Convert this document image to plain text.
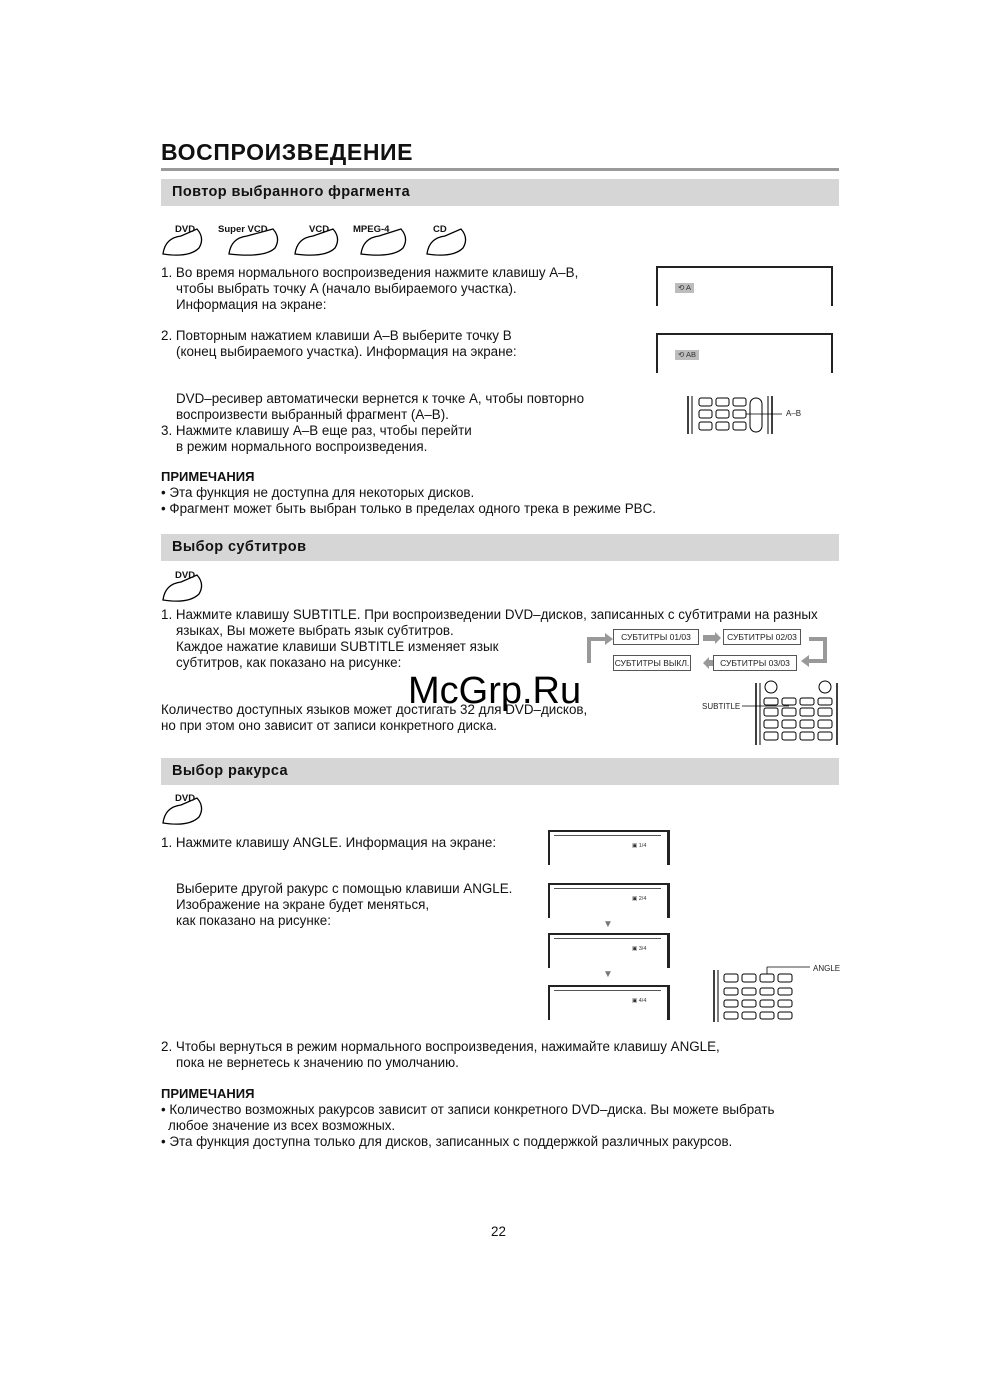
ВОСПРОИЗВЕДЕНИЕ
Повтор выбранного фрагмента
DVD Super VCD	VCD	MPEG-4	CD
1. Во время нормального воспроизведения нажмите клавишу A–B,
чтобы выбрать точку A (начало выбираемого участка).
Информация на экране:
2. Повторным нажатием клавиши A–B выберите точку B
(конец выбираемого участка). Информация на экране:
DVD–ресивер автоматически вернется к точке A, чтобы повторно
воспроизвести выбранный фрагмент (A–B).
3. Нажмите клавишу A–B еще раз, чтобы перейти
в режим нормального воспроизведения.
⟲ A
⟲ AB
A–B
ПРИМЕЧАНИЯ
• Эта функция не доступна для некоторых дисков.
• Фрагмент может быть выбран только в пределах одного трека в режиме PBC.
Выбор субтитров
DVD
1. Нажмите клавишу SUBTITLE. При воспроизведении DVD–дисков, записанных с субтитрами на разных
языках, Вы можете выбрать язык субтитров.
Каждое нажатие клавиши SUBTITLE изменяет язык
субтитров, как показано на рисунке:
Количество доступных языков может достигать 32 для DVD–дисков,
но при этом оно зависит от записи конкретного диска.
СУБТИТРЫ 01/03	СУБТИТРЫ 02/03
СУБТИТРЫ 03/03
СУБТИТРЫ ВЫКЛ.
SUBTITLE
McGrp.Ru
Выбор ракурса
DVD
1. Нажмите клавишу ANGLE. Информация на экране:
Выберите другой ракурс с помощью клавиши ANGLE.
Изображение на экране будет меняться,
как показано на рисунке:
▣ 1/4
▣ 2/4
▼
▣ 3/4
▼
▣ 4/4
ANGLE
2. Чтобы вернуться в режим нормального воспроизведения, нажимайте клавишу ANGLE,
пока не вернетесь к значению по умолчанию.
ПРИМЕЧАНИЯ
• Количество возможных ракурсов зависит от записи конкретного DVD–диска. Вы можете выбрать
любое значение из всех возможных.
• Эта функция доступна только для дисков, записанных с поддержкой различных ракурсов.
22
